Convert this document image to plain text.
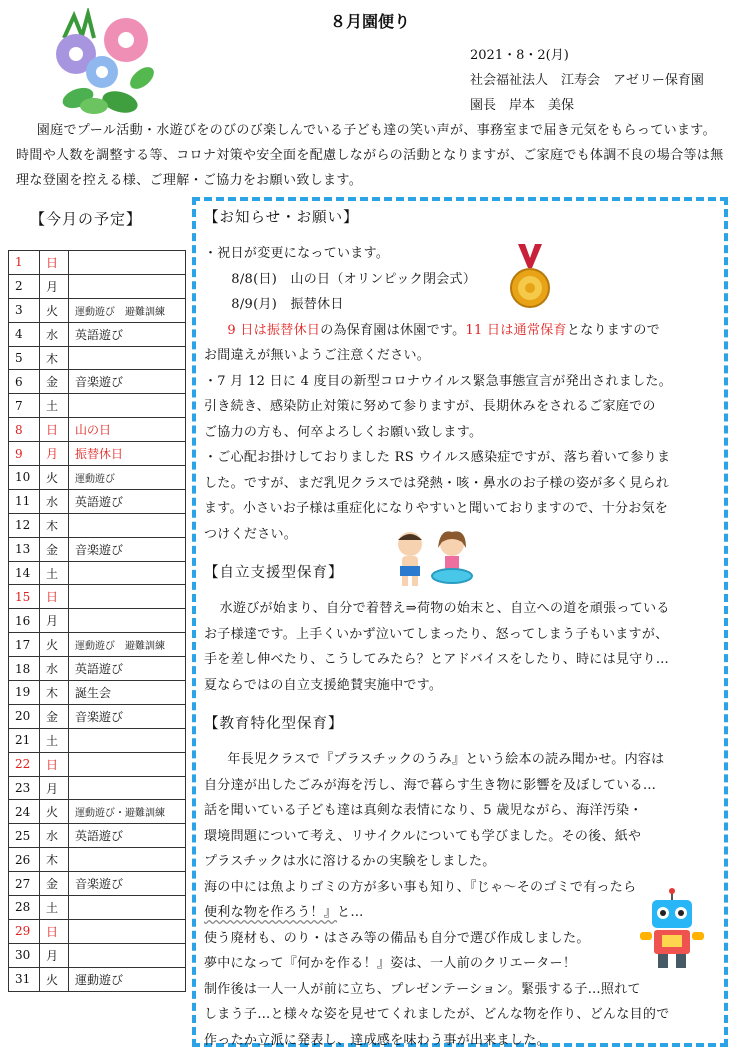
８月園便り
2021・8・2(月)
社会福祉法人　江寿会　アゼリー保育園
園長　岸本　美保
園庭でプール活動・水遊びをのびのび楽しんでいる子ども達の笑い声が、事務室まで届き元気をもらっています。時間や人数を調整する等、コロナ対策や安全面を配慮しながらの活動となりますが、ご家庭でも体調不良の場合等は無理な登園を控える様、ご理解・ご協力をお願い致します。
【今月の予定】
1	日	
2	月	
3	火	運動遊び　避難訓練
4	水	英語遊び
5	木	
6	金	音楽遊び
7	土	
8	日	山の日
9	月	振替休日
10	火	運動遊び
11	水	英語遊び
12	木	
13	金	音楽遊び
14	土	
15	日	
16	月	
17	火	運動遊び　避難訓練
18	水	英語遊び
19	木	誕生会
20	金	音楽遊び
21	土	
22	日	
23	月	
24	火	運動遊び・避難訓練
25	水	英語遊び
26	木	
27	金	音楽遊び
28	土	
29	日	
30	月	
31	火	運動遊び
【お知らせ・お願い】
・祝日が変更になっています。
8/8(日)　山の日（オリンピック閉会式）
8/9(月)　振替休日
9 日は振替休日の為保育園は休園です。11 日は通常保育となりますので
お間違えが無いようご注意ください。
・7 月 12 日に 4 度目の新型コロナウイルス緊急事態宣言が発出されました。
引き続き、感染防止対策に努めて参りますが、長期休みをされるご家庭での
ご協力の方も、何卒よろしくお願い致します。
・ご心配お掛けしておりました RS ウイルス感染症ですが、落ち着いて参りま
した。ですが、まだ乳児クラスでは発熱・咳・鼻水のお子様の姿が多く見られ
ます。小さいお子様は重症化になりやすいと聞いておりますので、十分お気を
つけください。
【自立支援型保育】
水遊びが始まり、自分で着替え⇒荷物の始末と、自立への道を頑張っている
お子様達です。上手くいかず泣いてしまったり、怒ってしまう子もいますが、
手を差し伸べたり、こうしてみたら？とアドバイスをしたり、時には見守り…
夏ならではの自立支援絶賛実施中です。
【教育特化型保育】
年長児クラスで『プラスチックのうみ』という絵本の読み聞かせ。内容は
自分達が出したごみが海を汚し、海で暮らす生き物に影響を及ぼしている…
話を聞いている子ども達は真剣な表情になり、5 歳児ながら、海洋汚染・
環境問題について考え、リサイクルについても学びました。その後、紙や
プラスチックは水に溶けるかの実験をしました。
海の中には魚よりゴミの方が多い事も知り、『じゃ～そのゴミで有ったら
便利な物を作ろう！』と…
使う廃材も、のり・はさみ等の備品も自分で選び作成しました。
夢中になって『何かを作る！』姿は、一人前のクリエーター！
制作後は一人一人が前に立ち、プレゼンテーション。緊張する子…照れて
しまう子…と様々な姿を見せてくれましたが、どんな物を作り、どんな目的で
作ったか立派に発表し、達成感を味わう事が出来ました。
